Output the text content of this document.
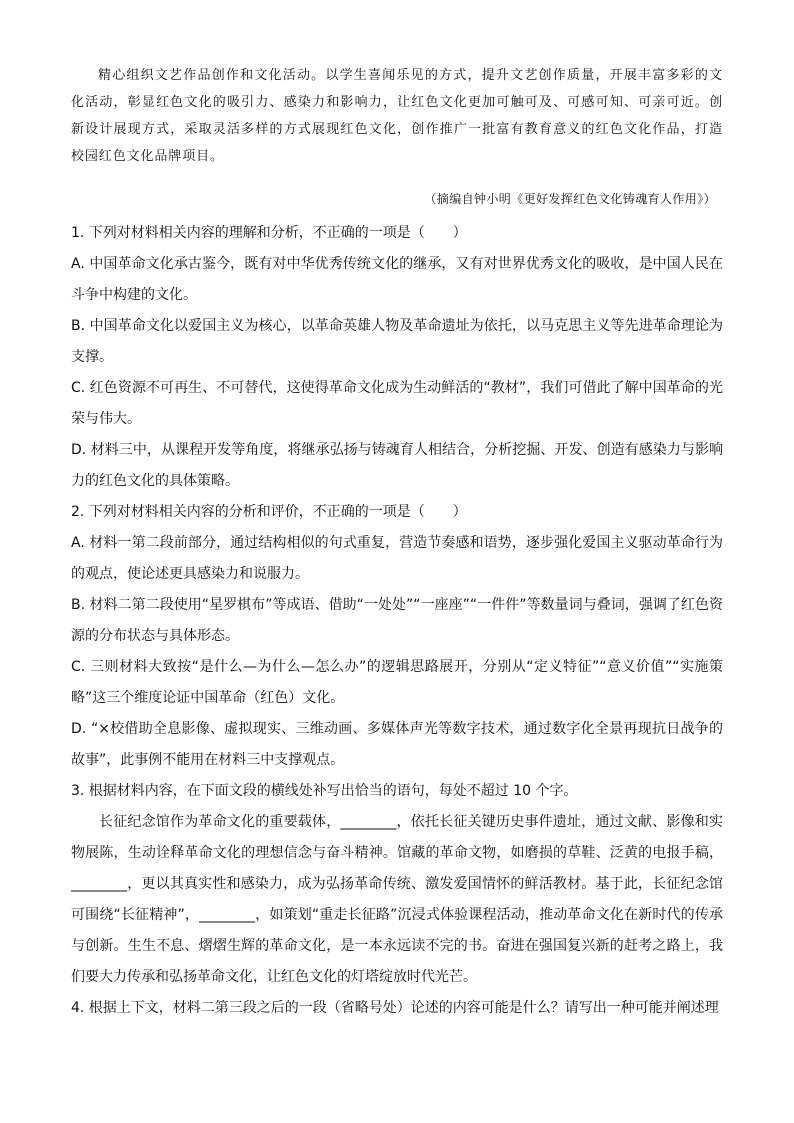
精心组织文艺作品创作和文化活动。以学生喜闻乐见的方式，提升文艺创作质量，开展丰富多彩的文化活动，彰显红色文化的吸引力、感染力和影响力，让红色文化更加可触可及、可感可知、可亲可近。创新设计展现方式，采取灵活多样的方式展现红色文化，创作推广一批富有教育意义的红色文化作品，打造校园红色文化品牌项目。

（摘编自钟小明《更好发挥红色文化铸魂育人作用》）

1. 下列对材料相关内容的理解和分析，不正确的一项是（　　）

A. 中国革命文化承古鉴今，既有对中华优秀传统文化的继承，又有对世界优秀文化的吸收，是中国人民在斗争中构建的文化。

B. 中国革命文化以爱国主义为核心，以革命英雄人物及革命遗址为依托，以马克思主义等先进革命理论为支撑。

C. 红色资源不可再生、不可替代，这使得革命文化成为生动鲜活的“教材”，我们可借此了解中国革命的光荣与伟大。

D. 材料三中，从课程开发等角度，将继承弘扬与铸魂育人相结合，分析挖掘、开发、创造有感染力与影响力的红色文化的具体策略。

2. 下列对材料相关内容的分析和评价，不正确的一项是（　　）

A. 材料一第二段前部分，通过结构相似的句式重复，营造节奏感和语势，逐步强化爱国主义驱动革命行为的观点，使论述更具感染力和说服力。

B. 材料二第二段使用“星罗棋布”等成语、借助“一处处”“一座座”“一件件”等数量词与叠词，强调了红色资源的分布状态与具体形态。

C. 三则材料大致按“是什么—为什么—怎么办”的逻辑思路展开，分别从“定义特征”“意义价值”“实施策略”这三个维度论证中国革命（红色）文化。

D. “×校借助全息影像、虚拟现实、三维动画、多媒体声光等数字技术，通过数字化全景再现抗日战争的故事”，此事例不能用在材料三中支撑观点。

3. 根据材料内容，在下面文段的横线处补写出恰当的语句，每处不超过 10 个字。

长征纪念馆作为革命文化的重要载体，________，依托长征关键历史事件遗址，通过文献、影像和实物展陈，生动诠释革命文化的理想信念与奋斗精神。馆藏的革命文物，如磨损的草鞋、泛黄的电报手稿，________，更以其真实性和感染力，成为弘扬革命传统、激发爱国情怀的鲜活教材。基于此，长征纪念馆可围绕“长征精神”，________，如策划“重走长征路”沉浸式体验课程活动，推动革命文化在新时代的传承与创新。生生不息、熠熠生辉的革命文化，是一本永远读不完的书。奋进在强国复兴新的赶考之路上，我们要大力传承和弘扬革命文化，让红色文化的灯塔绽放时代光芒。

4. 根据上下文，材料二第三段之后的一段（省略号处）论述的内容可能是什么？请写出一种可能并阐述理
